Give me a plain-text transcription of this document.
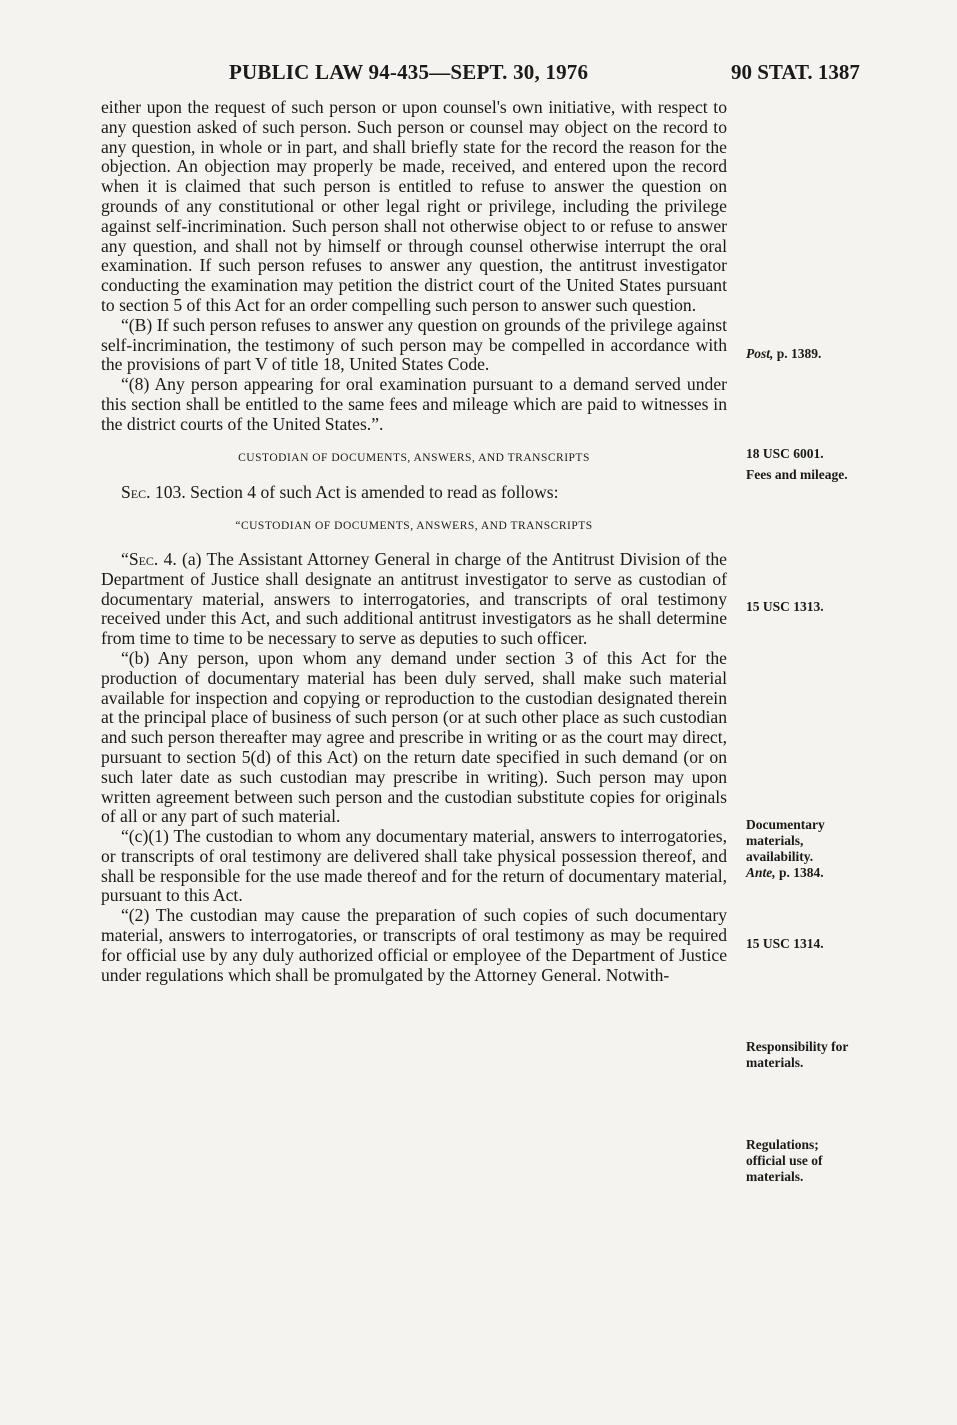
PUBLIC LAW 94-435—SEPT. 30, 1976	90 STAT. 1387

either upon the request of such person or upon counsel's own initiative, with respect to any question asked of such person. Such person or counsel may object on the record to any question, in whole or in part, and shall briefly state for the record the reason for the objection. An objection may properly be made, received, and entered upon the record when it is claimed that such person is entitled to refuse to answer the question on grounds of any constitutional or other legal right or privilege, including the privilege against self-incrimination. Such person shall not otherwise object to or refuse to answer any question, and shall not by himself or through counsel otherwise interrupt the oral examination. If such person refuses to answer any question, the antitrust investigator conducting the examination may petition the district court of the United States pursuant to section 5 of this Act for an order compelling such person to answer such question.

“(B) If such person refuses to answer any question on grounds of the privilege against self-incrimination, the testimony of such person may be compelled in accordance with the provisions of part V of title 18, United States Code.

“(8) Any person appearing for oral examination pursuant to a demand served under this section shall be entitled to the same fees and mileage which are paid to witnesses in the district courts of the United States.”.

CUSTODIAN OF DOCUMENTS, ANSWERS, AND TRANSCRIPTS

Sec. 103. Section 4 of such Act is amended to read as follows:

“CUSTODIAN OF DOCUMENTS, ANSWERS, AND TRANSCRIPTS

“Sec. 4. (a) The Assistant Attorney General in charge of the Antitrust Division of the Department of Justice shall designate an antitrust investigator to serve as custodian of documentary material, answers to interrogatories, and transcripts of oral testimony received under this Act, and such additional antitrust investigators as he shall determine from time to time to be necessary to serve as deputies to such officer.

“(b) Any person, upon whom any demand under section 3 of this Act for the production of documentary material has been duly served, shall make such material available for inspection and copying or reproduction to the custodian designated therein at the principal place of business of such person (or at such other place as such custodian and such person thereafter may agree and prescribe in writing or as the court may direct, pursuant to section 5(d) of this Act) on the return date specified in such demand (or on such later date as such custodian may prescribe in writing). Such person may upon written agreement between such person and the custodian substitute copies for originals of all or any part of such material.

“(c)(1) The custodian to whom any documentary material, answers to interrogatories, or transcripts of oral testimony are delivered shall take physical possession thereof, and shall be responsible for the use made thereof and for the return of documentary material, pursuant to this Act.

“(2) The custodian may cause the preparation of such copies of such documentary material, answers to interrogatories, or transcripts of oral testimony as may be required for official use by any duly authorized official or employee of the Department of Justice under regulations which shall be promulgated by the Attorney General. Notwith-

Post, p. 1389.
18 USC 6001.
Fees and mileage.
15 USC 1313.
Documentary
materials,
availability.
Ante, p. 1384.
15 USC 1314.
Responsibility for
materials.
Regulations;
official use of
materials.
